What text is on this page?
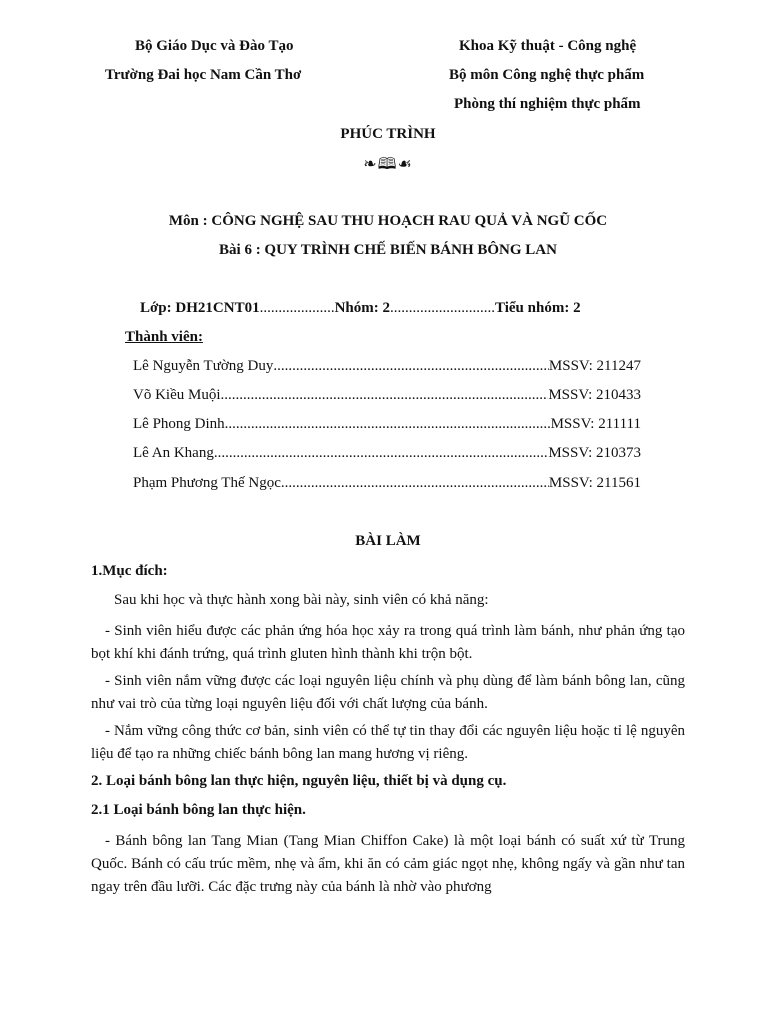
Bộ Giáo Dục và Đào Tạo
Trường Đai học Nam Cần Thơ
Khoa Kỹ thuật - Công nghệ
Bộ môn Công nghệ thực phẩm
Phòng thí nghiệm thực phẩm
PHÚC TRÌNH
❧🕮☙
Môn : CÔNG NGHỆ SAU THU HOẠCH RAU QUẢ VÀ NGŨ CỐC
Bài 6 : QUY TRÌNH CHẾ BIẾN BÁNH BÔNG LAN
Lớp: DH21CNT01....................Nhóm: 2............................Tiểu nhóm: 2
Thành viên:
Lê Nguyễn Tường Duy .....	MSSV: 211247
Võ Kiều Muội .....	MSSV: 210433
Lê Phong Dinh .....	MSSV: 211111
Lê An Khang .....	MSSV: 210373
Phạm Phương Thế Ngọc .....	MSSV: 211561
BÀI LÀM
1.Mục đích:
Sau khi học và thực hành xong bài này, sinh viên có khả năng:
- Sinh viên hiểu được các phản ứng hóa học xảy ra trong quá trình làm bánh, như phản ứng tạo bọt khí khi đánh trứng, quá trình gluten hình thành khi trộn bột.
- Sinh viên nắm vững được các loại nguyên liệu chính và phụ dùng để làm bánh bông lan, cũng như vai trò của từng loại nguyên liệu đối với chất lượng của bánh.
- Nắm vững công thức cơ bản, sinh viên có thể tự tin thay đổi các nguyên liệu hoặc tỉ lệ nguyên liệu để tạo ra những chiếc bánh bông lan mang hương vị riêng.
2. Loại bánh bông lan thực hiện, nguyên liệu, thiết bị và dụng cụ.
2.1 Loại bánh bông lan thực hiện.
- Bánh bông lan Tang Mian (Tang Mian Chiffon Cake) là một loại bánh có suất xứ từ Trung Quốc. Bánh có cấu trúc mềm, nhẹ và ẩm, khi ăn có cảm giác ngọt nhẹ, không ngấy và gần như tan ngay trên đầu lưỡi. Các đặc trưng này của bánh là nhờ vào phương
